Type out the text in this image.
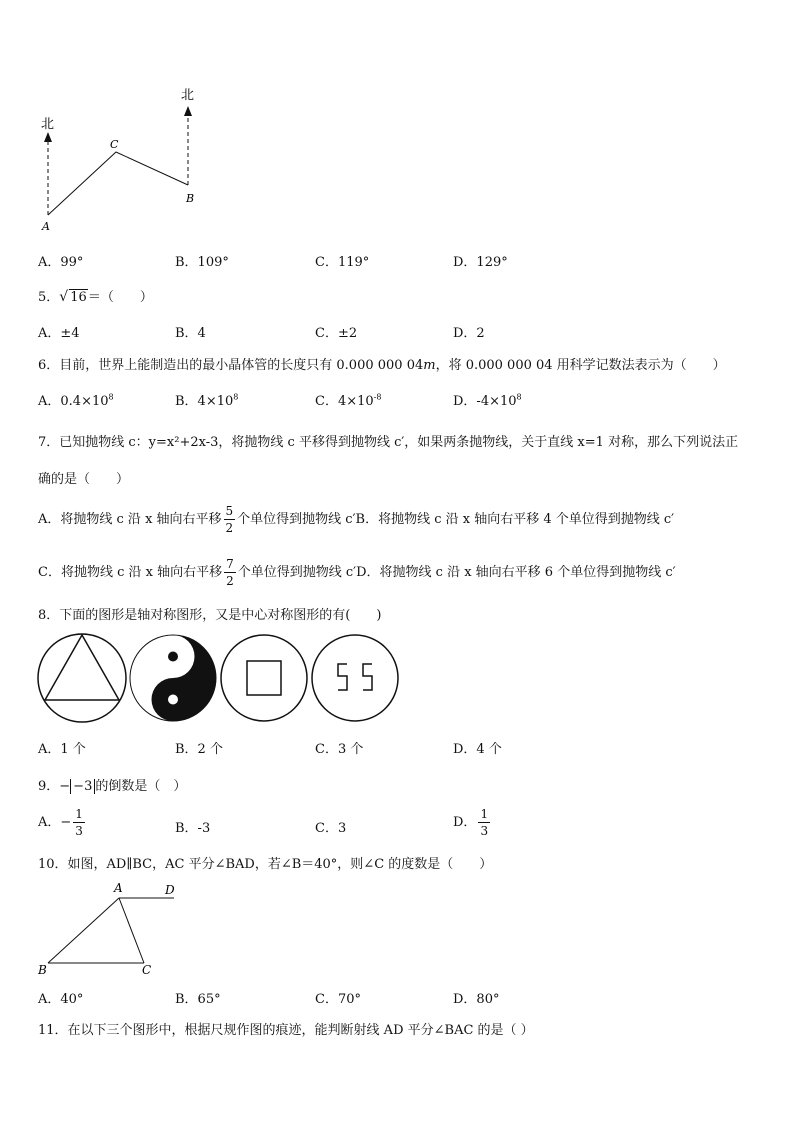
北
北
A
C
B
A．99°	B．109°	C．119°	D．129°
5． √ 16＝（　　）
A．±4	B．4	C．±2	D．2
6．目前，世界上能制造出的最小晶体管的长度只有 0.000 000 04m，将 0.000 000 04 用科学记数法表示为（　　）
A．$0.4\times 10^8$	B．$4\times 10^8$	C．$4\times 10^{-8}$	D．$-4\times 10^8$
7．已知抛物线 c：y=x²+2x-3，将抛物线 c 平移得到抛物线 c′，如果两条抛物线，关于直线 x=1 对称，那么下列说法正
确的是（　　）
A．将抛物线 c 沿 x 轴向右平移 $\frac{5}{2}$ 个单位得到抛物线 c′B．将抛物线 c 沿 x 轴向右平移 4 个单位得到抛物线 c′
C．将抛物线 c 沿 x 轴向右平移 $\frac{7}{2}$ 个单位得到抛物线 c′D．将抛物线 c 沿 x 轴向右平移 6 个单位得到抛物线 c′
8．下面的图形是轴对称图形，又是中心对称图形的有(　　)
A．1 个	B．2 个	C．3 个	D．4 个
9．− −3 的倒数是（　）
A．− $\frac{1}{3}$	B．-3	C．3	D． $\frac{1}{3}$
10．如图，AD∥BC，AC 平分∠BAD，若∠B＝40°，则∠C 的度数是（　　）
A	D
B	C
A．40°	B．65°	C．70°	D．80°
11．在以下三个图形中，根据尺规作图的痕迹，能判断射线 AD 平分∠BAC 的是（ ）
